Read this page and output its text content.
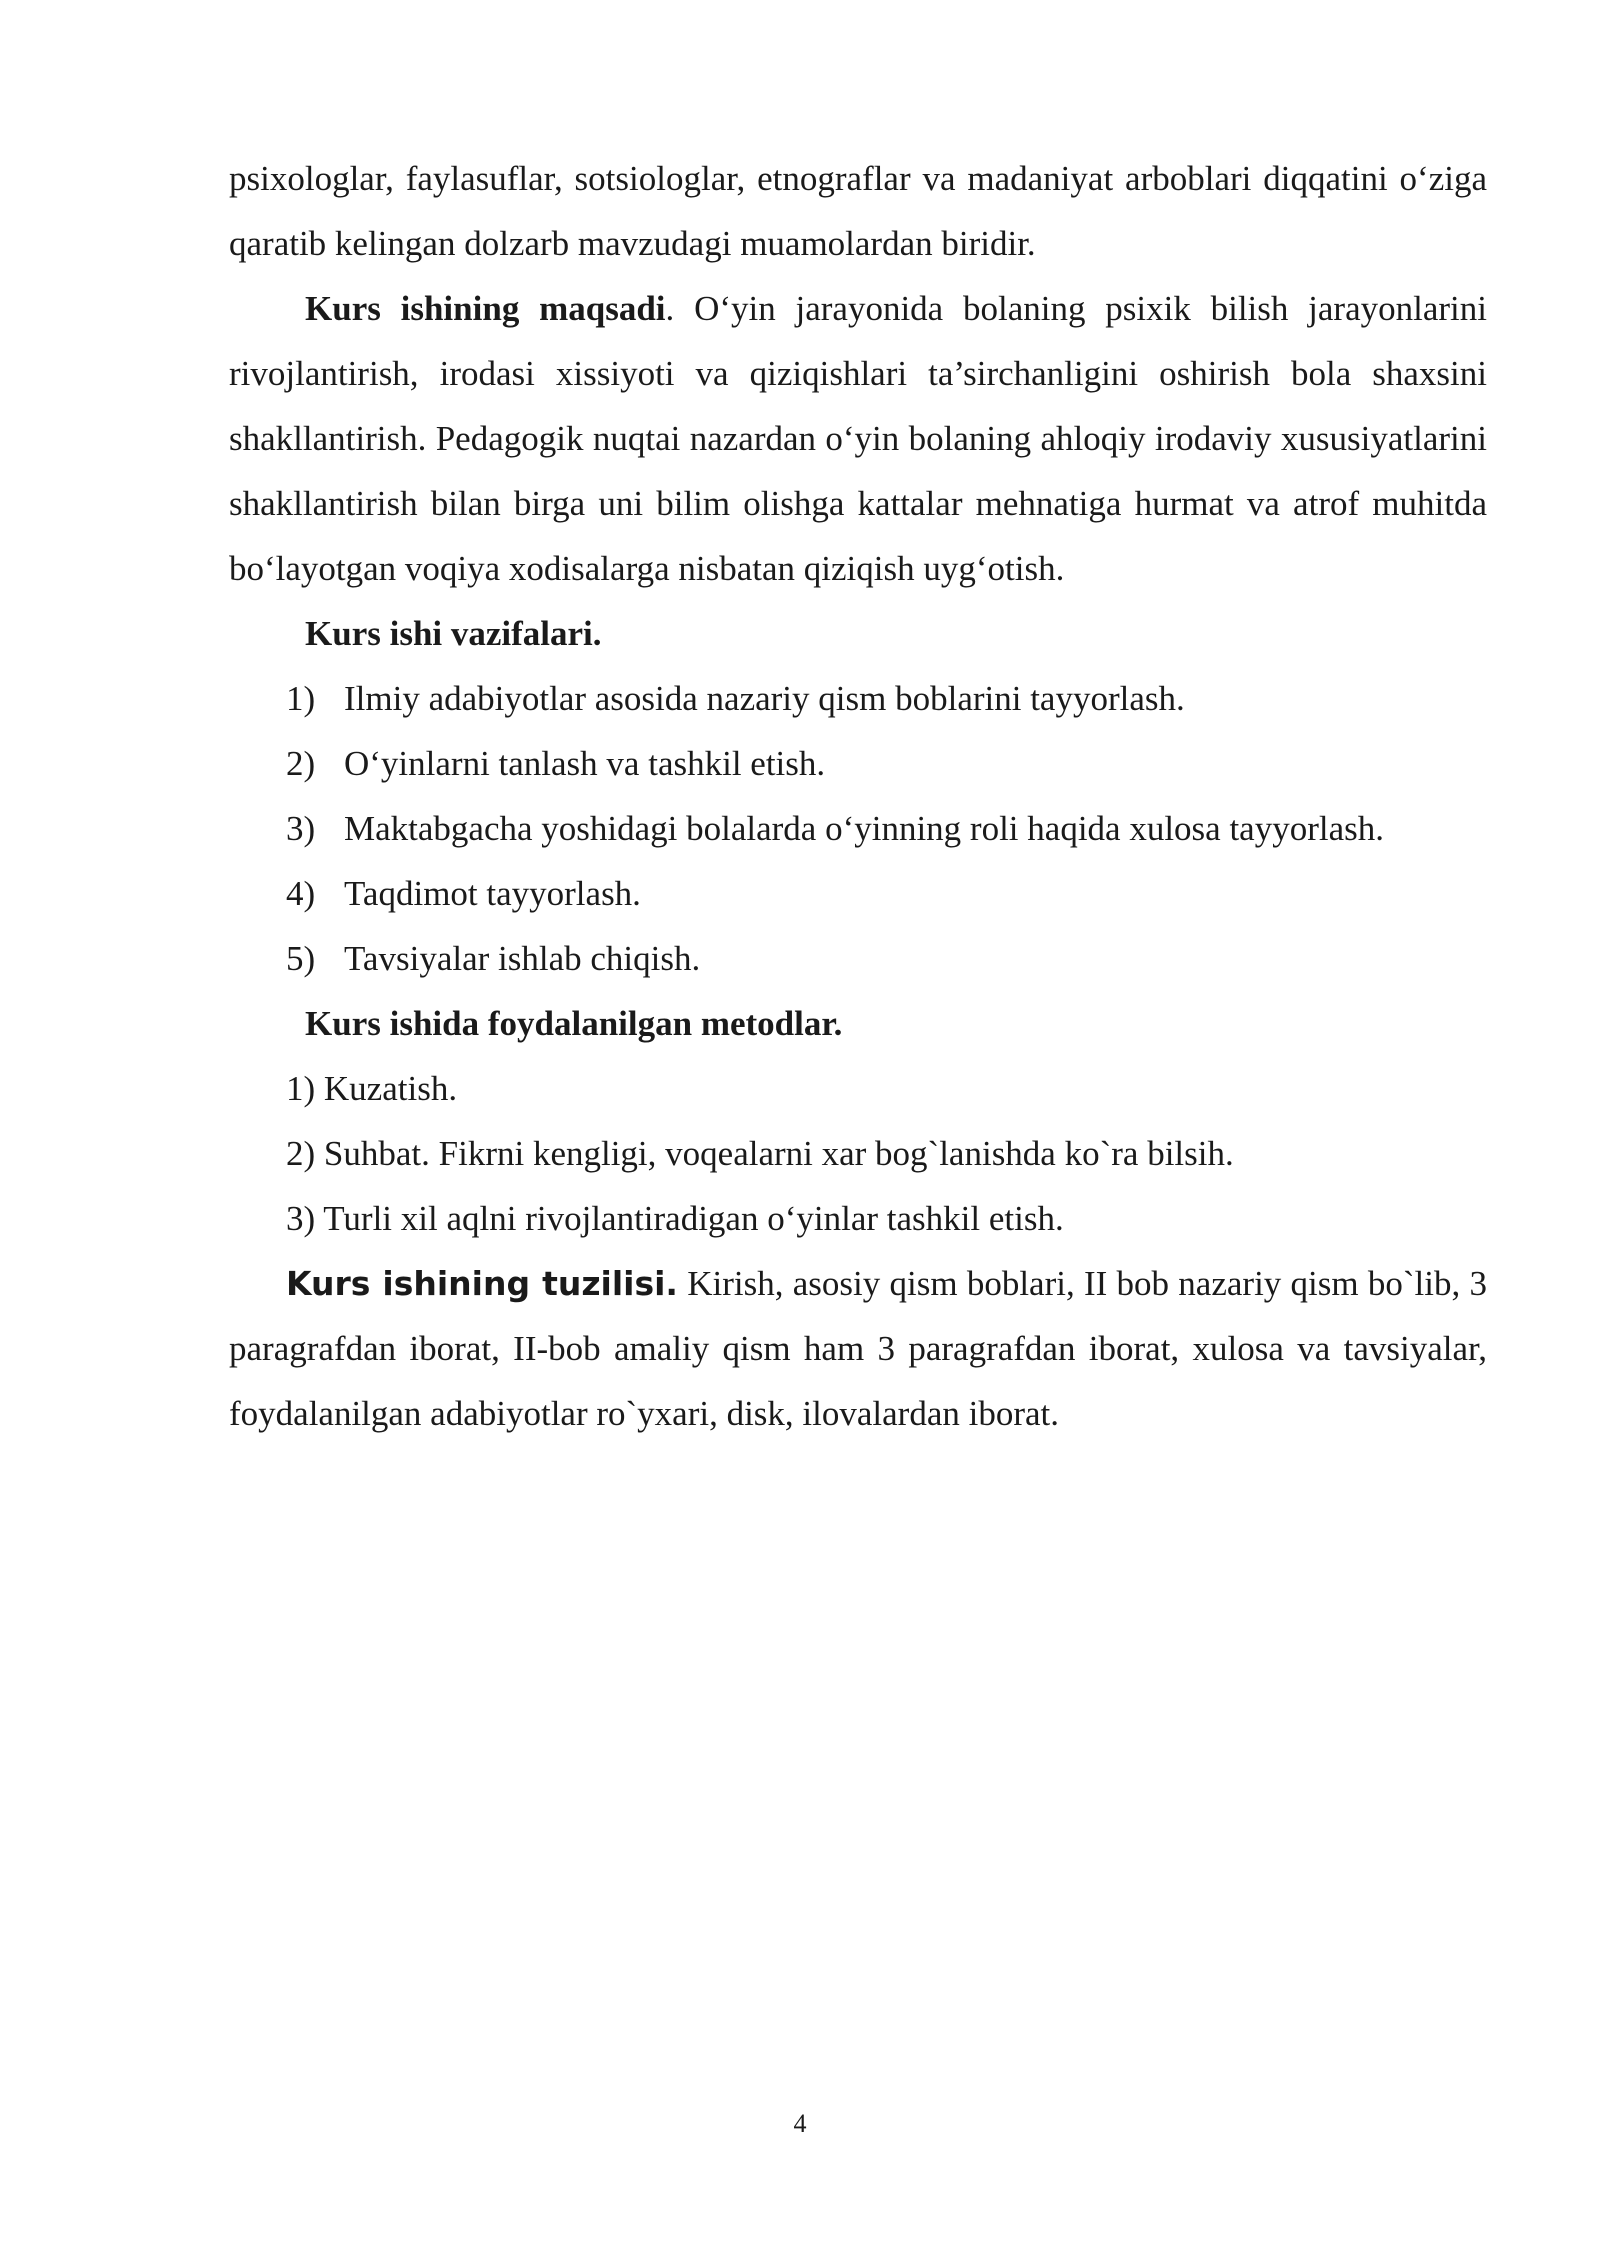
psixologlar, faylasuflar, sotsiologlar, etnograflar va madaniyat arboblari diqqatini o‘ziga qaratib kelingan dolzarb mavzudagi muamolardan biridir.

Kurs ishining maqsadi. O‘yin jarayonida bolaning psixik bilish jarayonlarini rivojlantirish, irodasi xissiyoti va qiziqishlari ta’sirchanligini oshirish bola shaxsini shakllantirish. Pedagogik nuqtai nazardan o‘yin bolaning ahloqiy irodaviy xususiyatlarini shakllantirish bilan birga uni bilim olishga kattalar mehnatiga hurmat va atrof muhitda bo‘layotgan voqiya xodisalarga nisbatan qiziqish uyg‘otish.

Kurs ishi vazifalari.

1) Ilmiy adabiyotlar asosida nazariy qism boblarini tayyorlash.

2) O‘yinlarni tanlash va tashkil etish.

3) Maktabgacha yoshidagi bolalarda o‘yinning roli haqida xulosa tayyorlash.

4) Taqdimot tayyorlash.

5) Tavsiyalar ishlab chiqish.

Kurs ishida foydalanilgan metodlar.

1) Kuzatish.

2) Suhbat. Fikrni kengligi, voqealarni xar bog`lanishda ko`ra bilsih.

3) Turli xil aqlni rivojlantiradigan o‘yinlar tashkil etish.

Kurs ishining tuzilisi. Kirish, asosiy qism boblari, II bob nazariy qism bo`lib, 3 paragrafdan iborat, II-bob amaliy qism ham 3 paragrafdan iborat, xulosa va tavsiyalar, foydalanilgan adabiyotlar ro`yxari, disk, ilovalardan iborat.

4
